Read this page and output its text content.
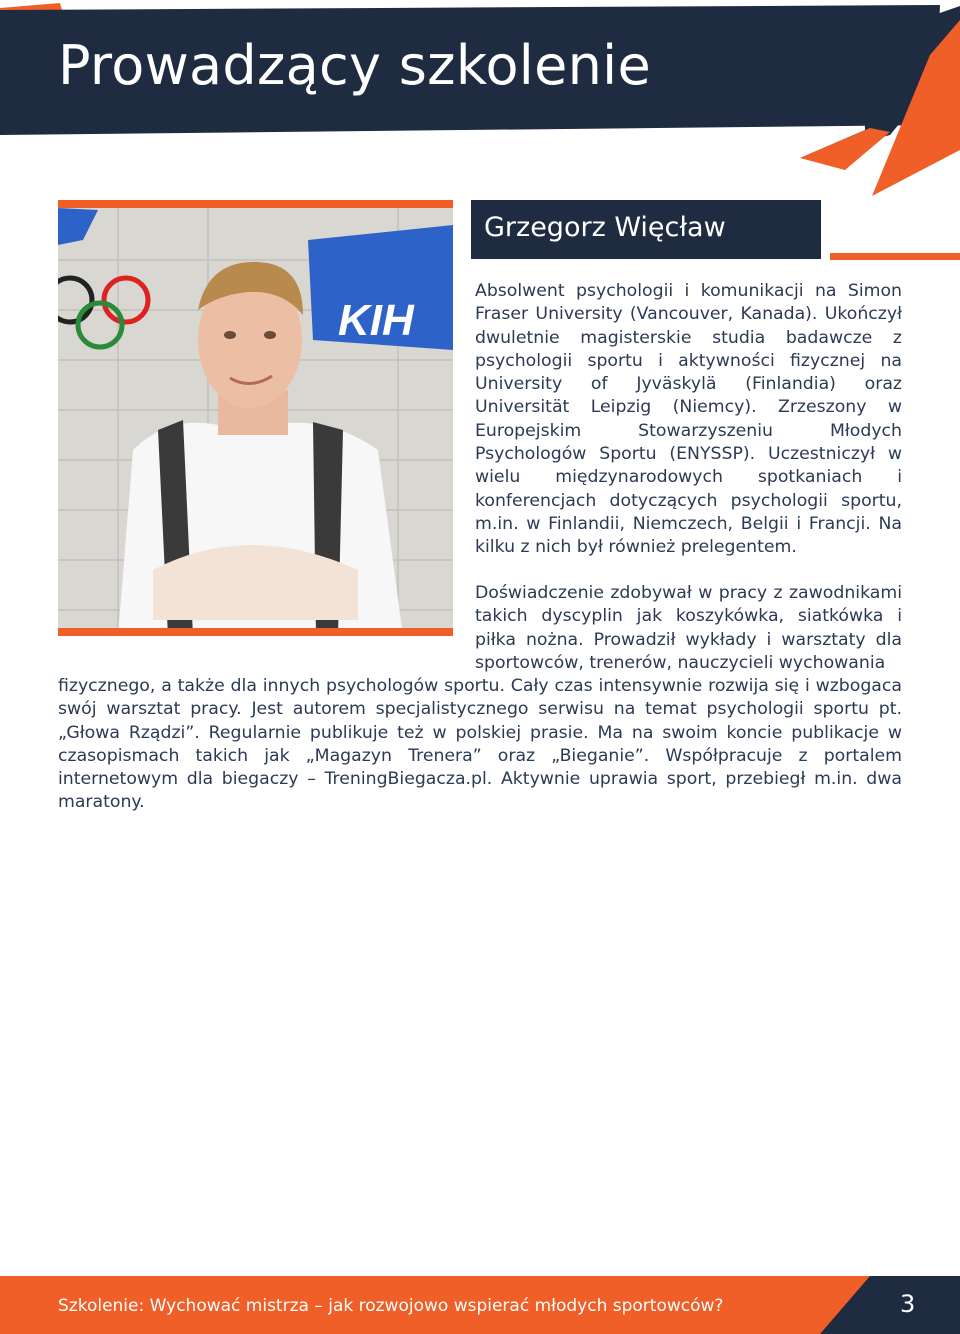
Prowadzący szkolenie
KIH
Grzegorz Więcław

Absolwent psychologii i komunikacji na Simon Fraser University (Vancouver, Kanada). Ukończył dwuletnie magisterskie studia badawcze z psychologii sportu i aktywności fizycznej na University of Jyväskylä (Finlandia) oraz Universität Leipzig (Niemcy). Zrzeszony w Europejskim Stowarzyszeniu Młodych Psychologów Sportu (ENYSSP). Uczestniczył w wielu międzynarodowych spotkaniach i konferencjach dotyczących psychologii sportu, m.in. w Finlandii, Niemczech, Belgii i Francji. Na kilku z nich był również prelegentem.

Doświadczenie zdobywał w pracy z zawodnikami takich dyscyplin jak koszykówka, siatkówka i piłka nożna. Prowadził wykłady i warsztaty dla sportowców, trenerów, nauczycieli wychowania

fizycznego, a także dla innych psychologów sportu. Cały czas intensywnie rozwija się i wzbogaca swój warsztat pracy. Jest autorem specjalistycznego serwisu na temat psychologii sportu pt. „Głowa Rządzi”. Regularnie publikuje też w polskiej prasie. Ma na swoim koncie publikacje w czasopismach takich jak „Magazyn Trenera” oraz „Bieganie”. Współpracuje z portalem internetowym dla biegaczy – TreningBiegacza.pl. Aktywnie uprawia sport, przebiegł m.in. dwa maratony.

Szkolenie: Wychować mistrza – jak rozwojowo wspierać młodych sportowców?	3
